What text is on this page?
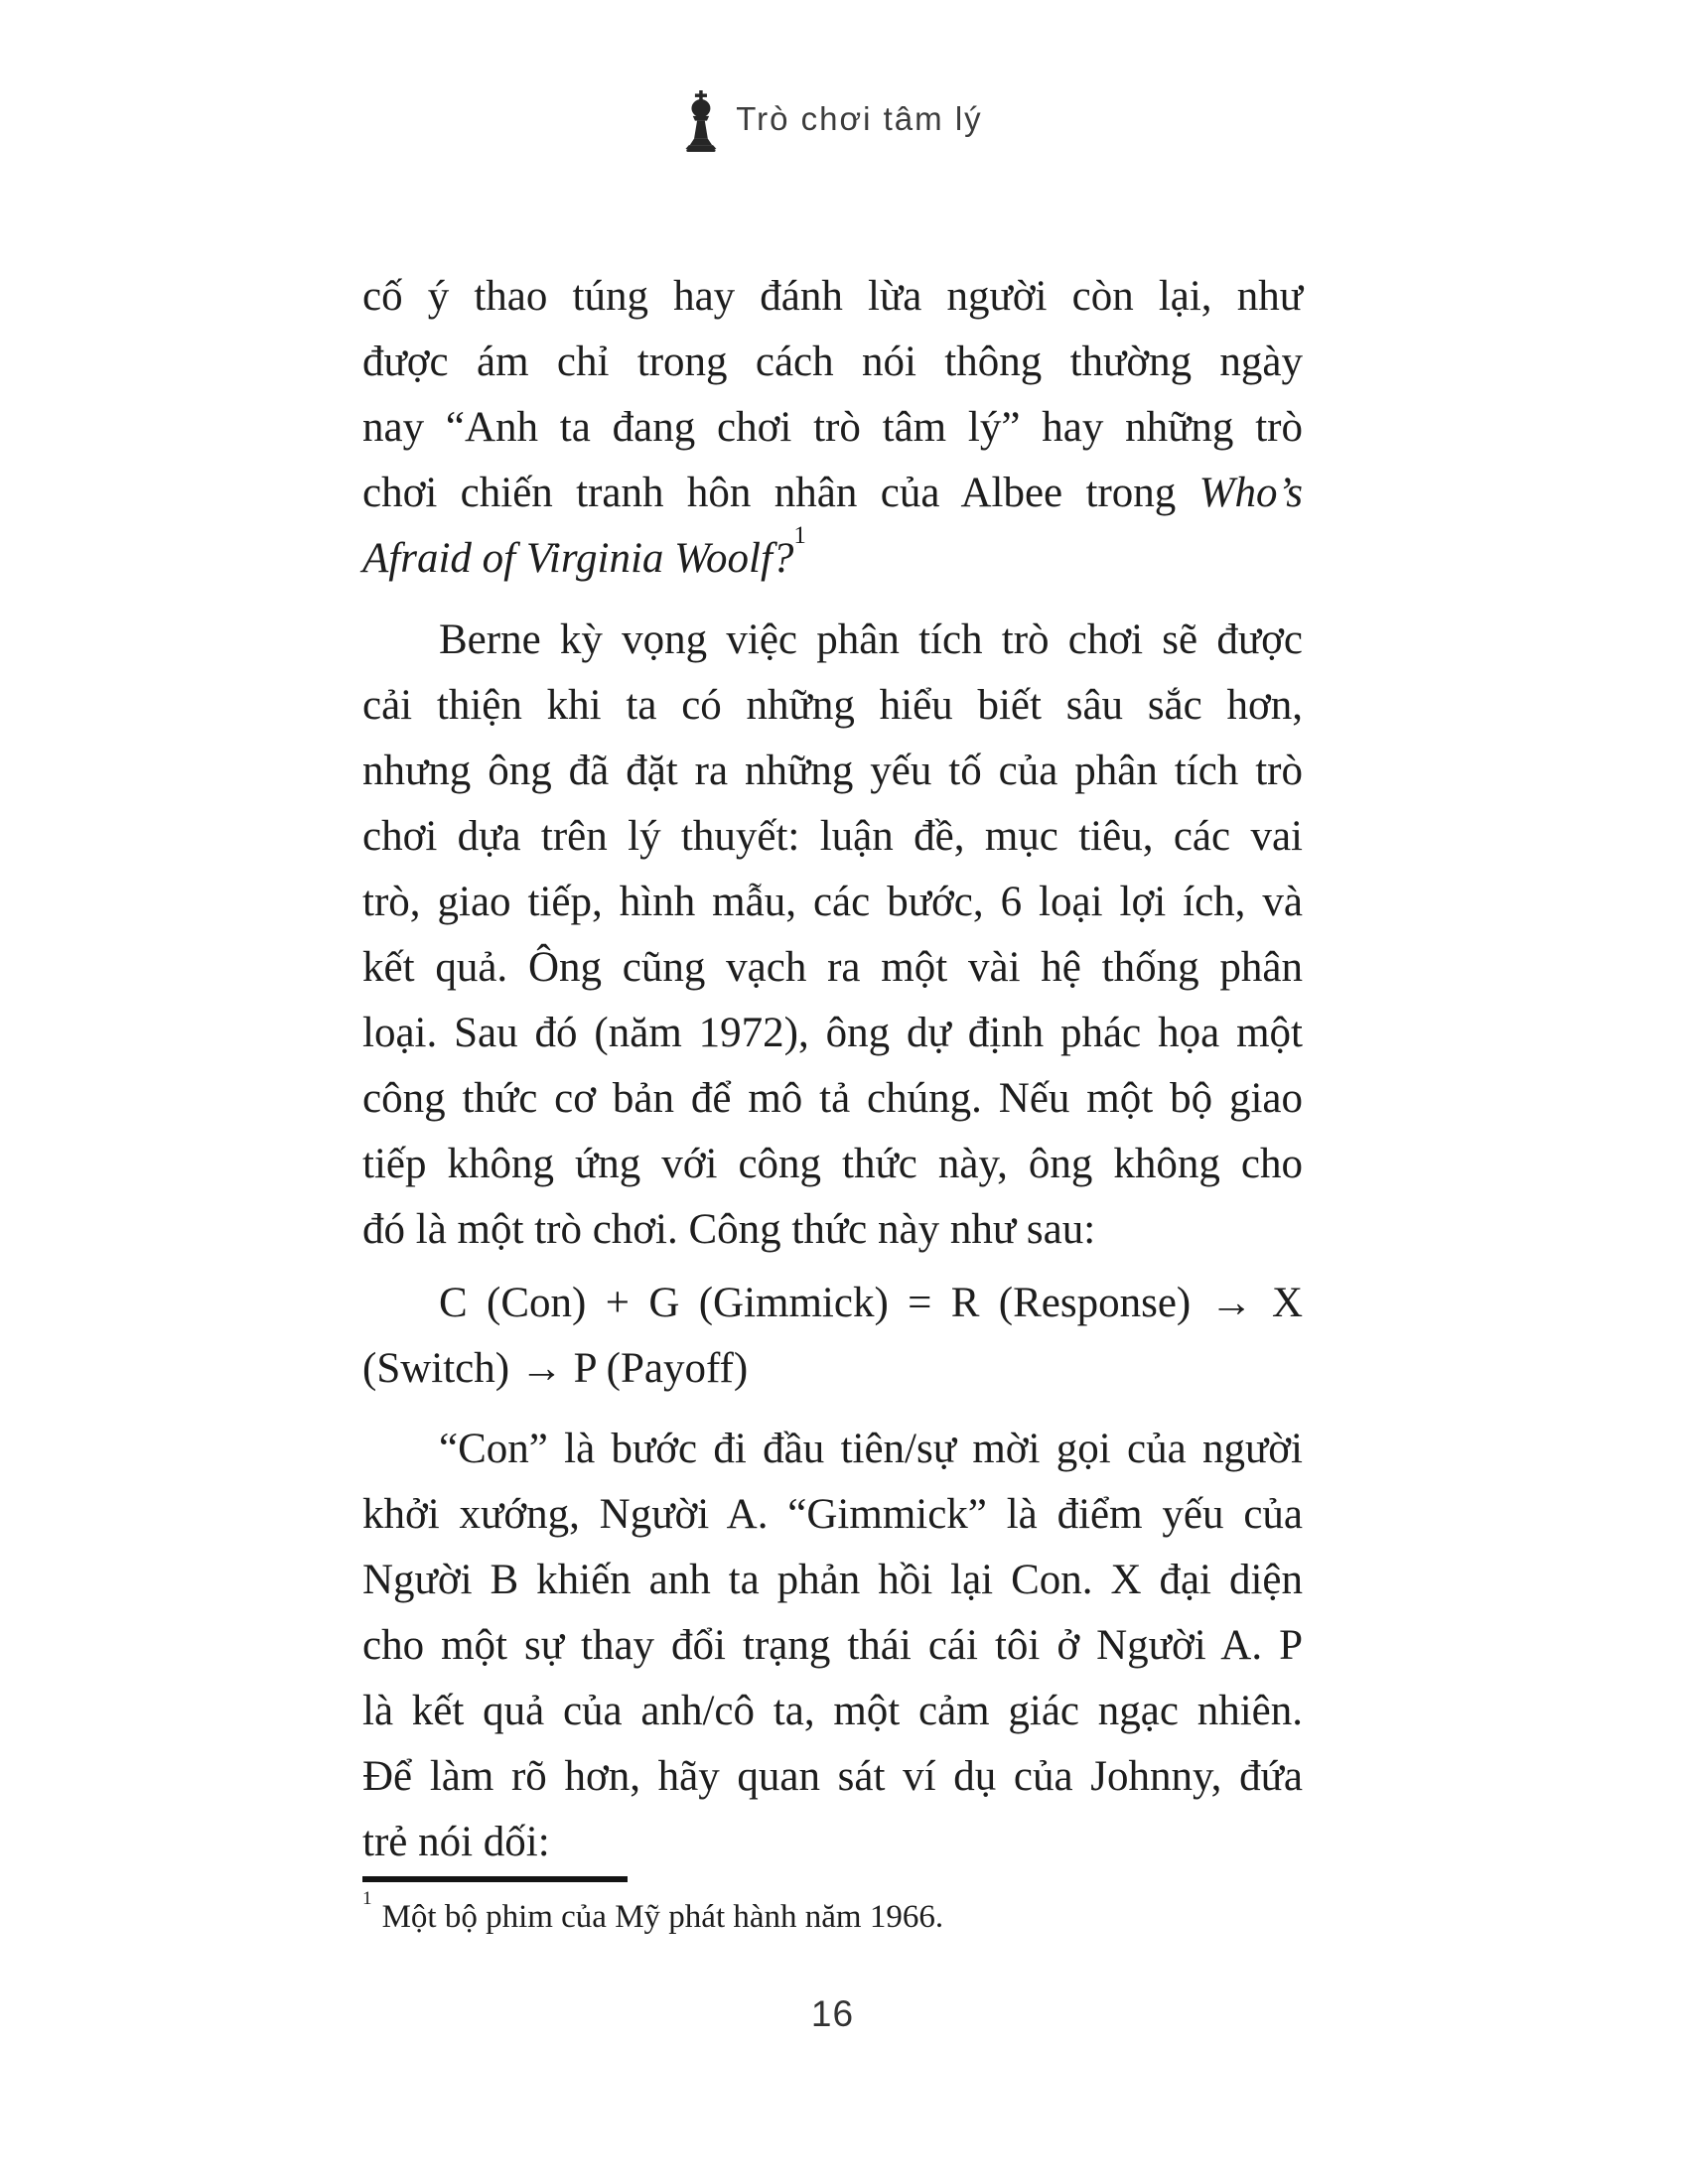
Trò chơi tâm lý
cố ý thao túng hay đánh lừa người còn lại, như
được ám chỉ trong cách nói thông thường ngày
nay “Anh ta đang chơi trò tâm lý” hay những trò
chơi chiến tranh hôn nhân của Albee trong Who’s
Afraid of Virginia Woolf?$^1$
Berne kỳ vọng việc phân tích trò chơi sẽ được
cải thiện khi ta có những hiểu biết sâu sắc hơn,
nhưng ông đã đặt ra những yếu tố của phân tích trò
chơi dựa trên lý thuyết: luận đề, mục tiêu, các vai
trò, giao tiếp, hình mẫu, các bước, 6 loại lợi ích, và
kết quả. Ông cũng vạch ra một vài hệ thống phân
loại. Sau đó (năm 1972), ông dự định phác họa một
công thức cơ bản để mô tả chúng. Nếu một bộ giao
tiếp không ứng với công thức này, ông không cho
đó là một trò chơi. Công thức này như sau:
C (Con) + G (Gimmick) = R (Response) → X
(Switch) → P (Payoff)
“Con” là bước đi đầu tiên/sự mời gọi của người
khởi xướng, Người A. “Gimmick” là điểm yếu của
Người B khiến anh ta phản hồi lại Con. X đại diện
cho một sự thay đổi trạng thái cái tôi ở Người A. P
là kết quả của anh/cô ta, một cảm giác ngạc nhiên.
Để làm rõ hơn, hãy quan sát ví dụ của Johnny, đứa
trẻ nói dối:
$^1$Một bộ phim của Mỹ phát hành năm 1966.
16
